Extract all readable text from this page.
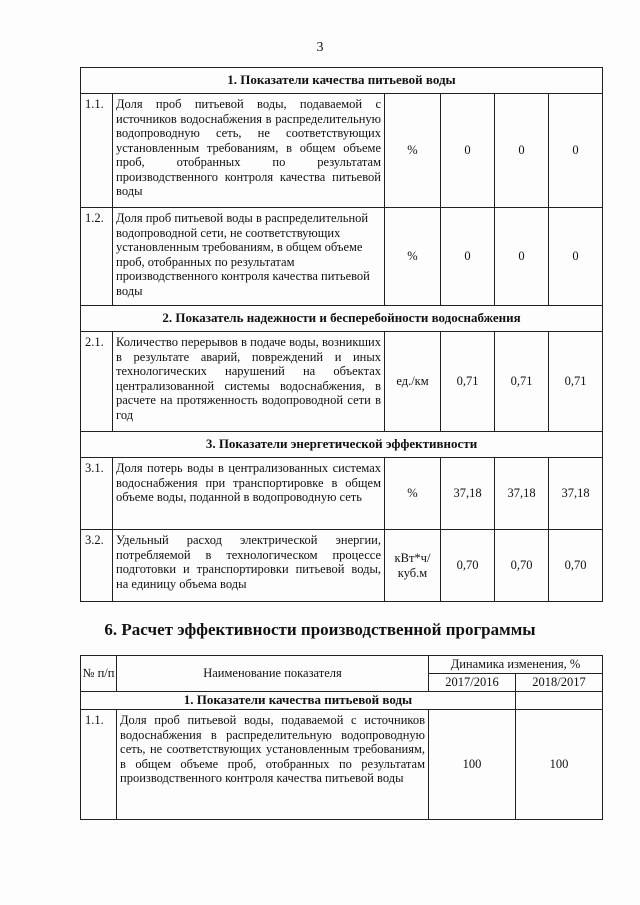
3
1. Показатели качества питьевой воды					
1.1.	Доля проб питьевой воды, подаваемой с источников водоснабжения в распределительную водопроводную сеть, не соответствующих установленным требованиям, в общем объеме проб, отобранных по результатам производственного контроля качества питьевой воды	%	0	0	0
1.2.	Доля проб питьевой воды в распределительной водопроводной сети, не соответствующих установленным требованиям, в общем объеме проб, отобранных по результатам производственного контроля качества питьевой воды	%	0	0	0
2. Показатель надежности и бесперебойности водоснабжения					
2.1.	Количество перерывов в подаче воды, возникших в результате аварий, повреждений и иных технологических нарушений на объектах централизованной системы водоснабжения, в расчете на протяженность водопроводной сети в год	ед./км	0,71	0,71	0,71
3. Показатели энергетической эффективности					
3.1.	Доля потерь воды в централизованных системах водоснабжения при транспортировке в общем объеме воды, поданной в водопроводную сеть	%	37,18	37,18	37,18
3.2.	Удельный расход электрической энергии, потребляемой в технологическом процессе подготовки и транспортировки питьевой воды, на единицу объема воды	кВт*ч/ куб.м	0,70	0,70	0,70
6. Расчет эффективности производственной программы
№ п/п	Наименование показателя	Динамика изменения, %	
		2017/2016	2018/2017
1. Показатели качества питьевой воды			
1.1.	Доля проб питьевой воды, подаваемой с источников водоснабжения в распределительную водопроводную сеть, не соответствующих установленным требованиям, в общем объеме проб, отобранных по результатам производственного контроля качества питьевой воды	100	100
